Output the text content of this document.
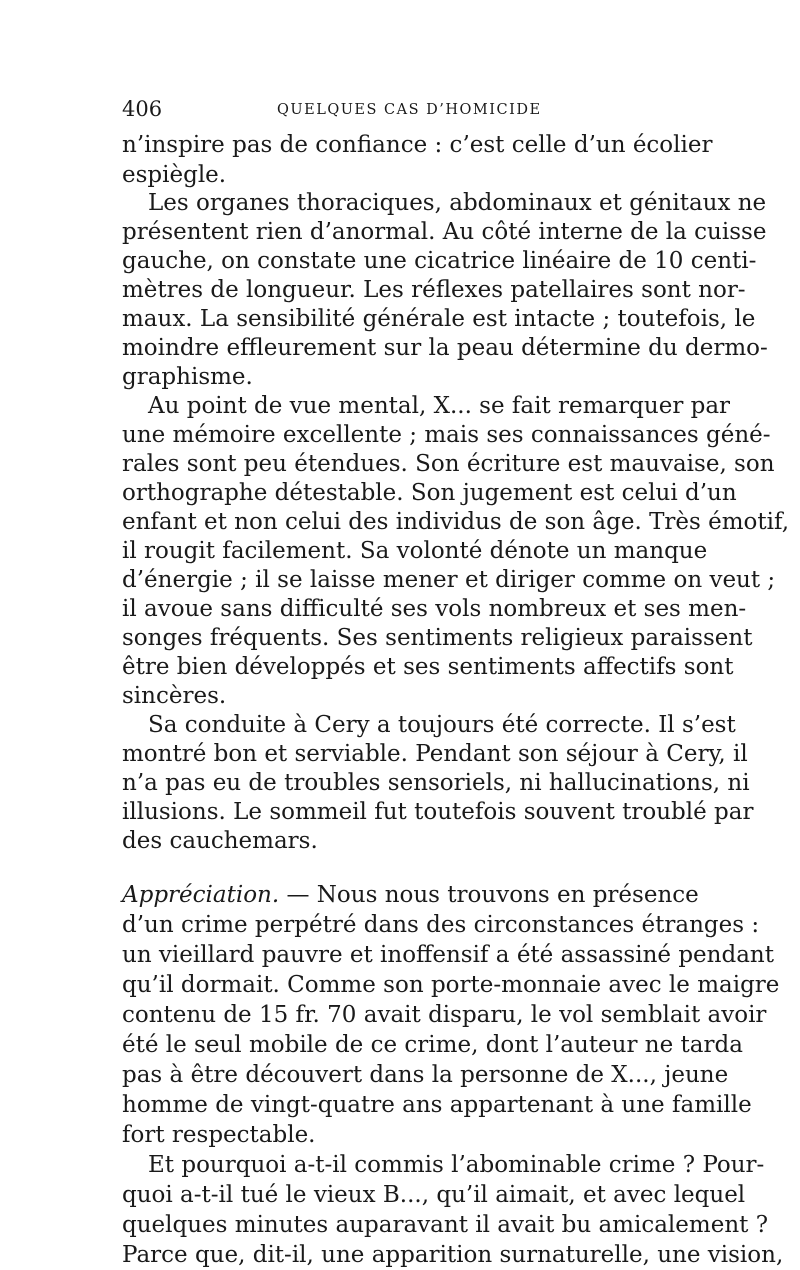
406	QUELQUES CAS D’HOMICIDE
n’inspire pas de confiance : c’est celle d’un écolier
espiègle.
Les organes thoraciques, abdominaux et génitaux ne
présentent rien d’anormal. Au côté interne de la cuisse
gauche, on constate une cicatrice linéaire de 10 centi-
mètres de longueur. Les réflexes patellaires sont nor-
maux. La sensibilité générale est intacte ; toutefois, le
moindre effleurement sur la peau détermine du dermo-
graphisme.
Au point de vue mental, X... se fait remarquer par
une mémoire excellente ; mais ses connaissances géné-
rales sont peu étendues. Son écriture est mauvaise, son
orthographe détestable. Son jugement est celui d’un
enfant et non celui des individus de son âge. Très émotif,
il rougit facilement. Sa volonté dénote un manque
d’énergie ; il se laisse mener et diriger comme on veut ;
il avoue sans difficulté ses vols nombreux et ses men-
songes fréquents. Ses sentiments religieux paraissent
être bien développés et ses sentiments affectifs sont
sincères.
Sa conduite à Cery a toujours été correcte. Il s’est
montré bon et serviable. Pendant son séjour à Cery, il
n’a pas eu de troubles sensoriels, ni hallucinations, ni
illusions. Le sommeil fut toutefois souvent troublé par
des cauchemars.
Appréciation. — Nous nous trouvons en présence
d’un crime perpétré dans des circonstances étranges :
un vieillard pauvre et inoffensif a été assassiné pendant
qu’il dormait. Comme son porte-monnaie avec le maigre
contenu de 15 fr. 70 avait disparu, le vol semblait avoir
été le seul mobile de ce crime, dont l’auteur ne tarda
pas à être découvert dans la personne de X..., jeune
homme de vingt-quatre ans appartenant à une famille
fort respectable.
Et pourquoi a-t-il commis l’abominable crime ? Pour-
quoi a-t-il tué le vieux B..., qu’il aimait, et avec lequel
quelques minutes auparavant il avait bu amicalement ?
Parce que, dit-il, une apparition surnaturelle, une vision,
